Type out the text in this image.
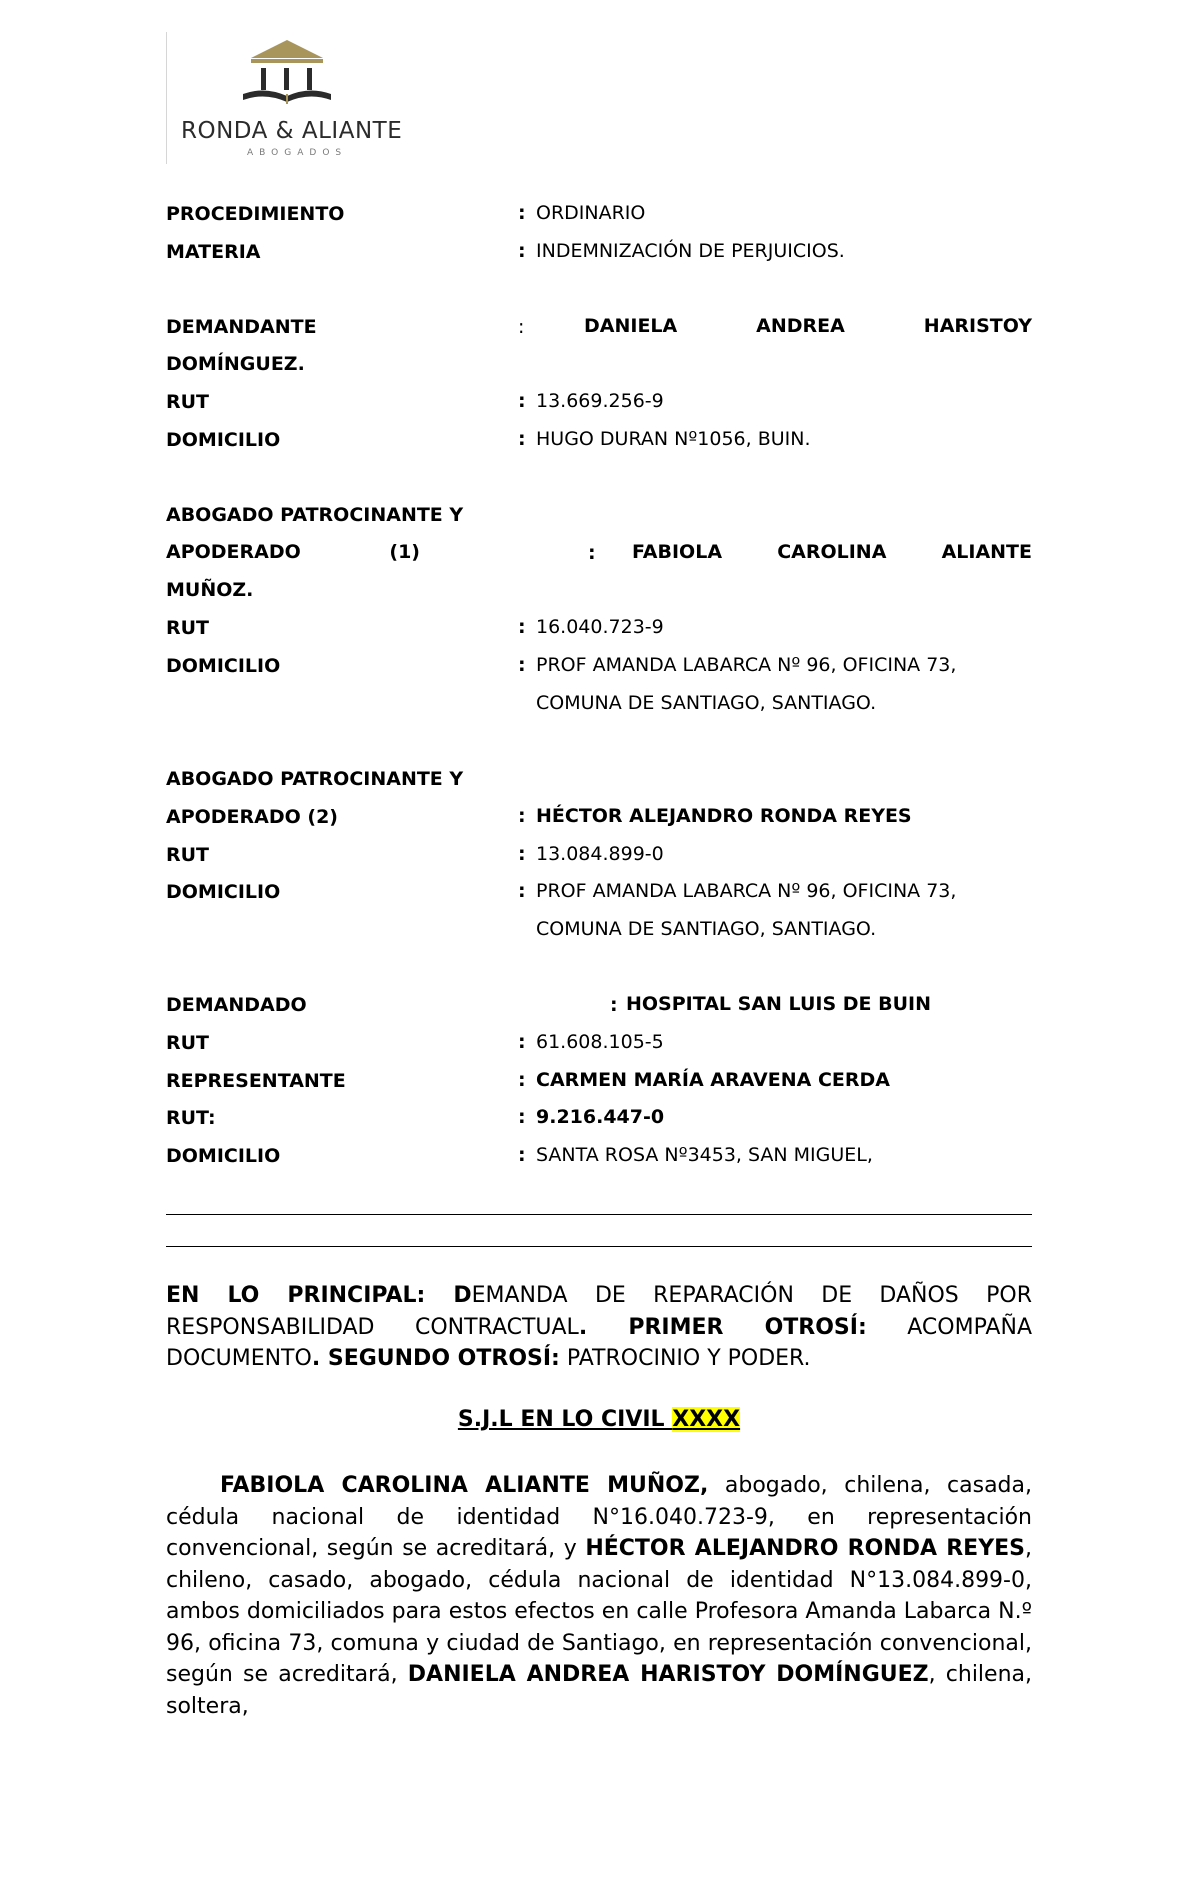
RONDA & ALIANTE
ABOGADOS
PROCEDIMIENTO	: ORDINARIO
MATERIA	: INDEMNIZACIÓN DE PERJUICIOS.
DEMANDANTE	:	DANIELA	ANDREA	HARISTOY
DOMÍNGUEZ.
RUT	: 13.669.256-9
DOMICILIO	: HUGO DURAN Nº1056, BUIN.
ABOGADO PATROCINANTE Y
APODERADO	(1)	: FABIOLA	CAROLINA	ALIANTE
MUÑOZ.
RUT	: 16.040.723-9
DOMICILIO	: PROF AMANDA LABARCA Nº 96, OFICINA 73,
COMUNA DE SANTIAGO, SANTIAGO.
ABOGADO PATROCINANTE Y
APODERADO (2)	: HÉCTOR ALEJANDRO RONDA REYES
RUT	: 13.084.899-0
DOMICILIO	: PROF AMANDA LABARCA Nº 96, OFICINA 73,
COMUNA DE SANTIAGO, SANTIAGO.
DEMANDADO	: HOSPITAL SAN LUIS DE BUIN
RUT	: 61.608.105-5
REPRESENTANTE	: CARMEN MARÍA ARAVENA CERDA
RUT:	: 9.216.447-0
DOMICILIO	: SANTA ROSA Nº3453, SAN MIGUEL,
EN LO PRINCIPAL: DEMANDA DE REPARACIÓN DE DAÑOS POR RESPONSABILIDAD CONTRACTUAL. PRIMER OTROSÍ: ACOMPAÑA DOCUMENTO. SEGUNDO OTROSÍ: PATROCINIO Y PODER.
S.J.L EN LO CIVIL XXXX
FABIOLA CAROLINA ALIANTE MUÑOZ, abogado, chilena, casada, cédula nacional de identidad N°16.040.723-9, en representación convencional, según se acreditará, y HÉCTOR ALEJANDRO RONDA REYES, chileno, casado, abogado, cédula nacional de identidad N°13.084.899-0, ambos domiciliados para estos efectos en calle Profesora Amanda Labarca N.º 96, oficina 73, comuna y ciudad de Santiago, en representación convencional, según se acreditará, DANIELA ANDREA HARISTOY DOMÍNGUEZ, chilena, soltera,
